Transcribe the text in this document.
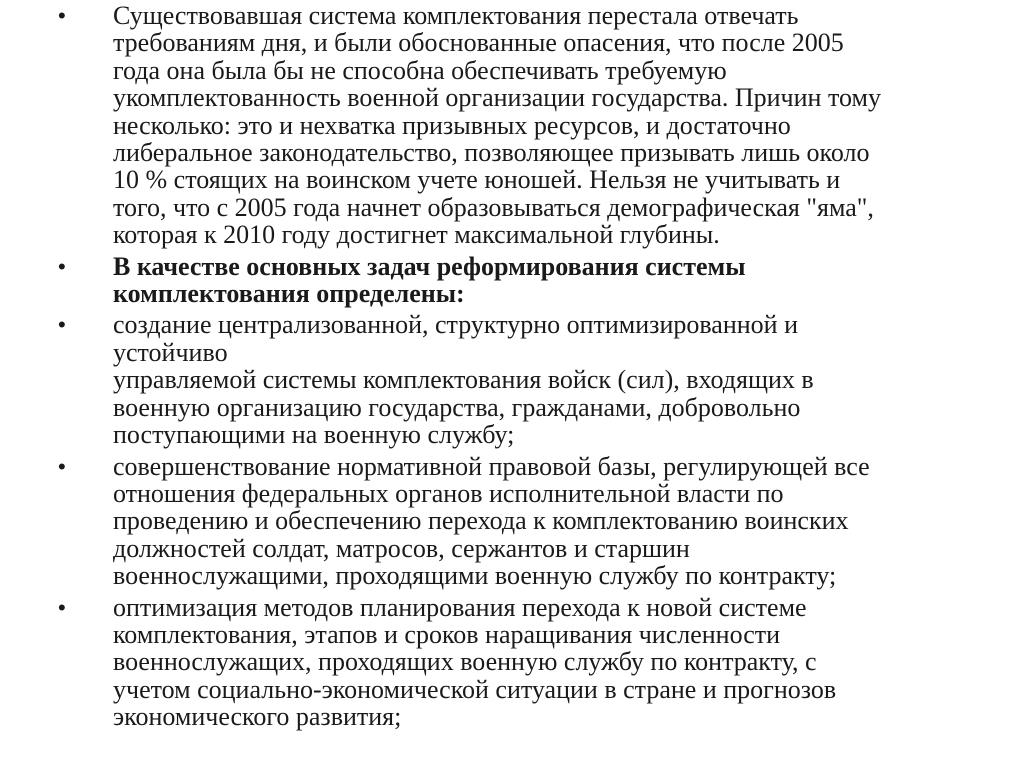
• Существовавшая система комплектования перестала отвечать
требованиям дня, и были обоснованные опасения, что после 2005
года она была бы не способна обеспечивать требуемую
укомплектованность военной организации государства. Причин тому
несколько: это и нехватка призывных ресурсов, и достаточно
либеральное законодательство, позволяющее призывать лишь около
10 % стоящих на воинском учете юношей. Нельзя не учитывать и
того, что с 2005 года начнет образовываться демографическая "яма",
которая к 2010 году достигнет максимальной глубины.
• В качестве основных задач реформирования системы
комплектования определены:
• создание централизованной, структурно оптимизированной и
устойчиво
управляемой системы комплектования войск (сил), входящих в
военную организацию государства, гражданами, добровольно
поступающими на военную службу;
• совершенствование нормативной правовой базы, регулирующей все
отношения федеральных органов исполнительной власти по
проведению и обеспечению перехода к комплектованию воинских
должностей солдат, матросов, сержантов и старшин
военнослужащими, проходящими военную службу по контракту;
• оптимизация методов планирования перехода к новой системе
комплектования, этапов и сроков наращивания численности
военнослужащих, проходящих военную службу по контракту, с
учетом социально-экономической ситуации в стране и прогнозов
экономического развития;
